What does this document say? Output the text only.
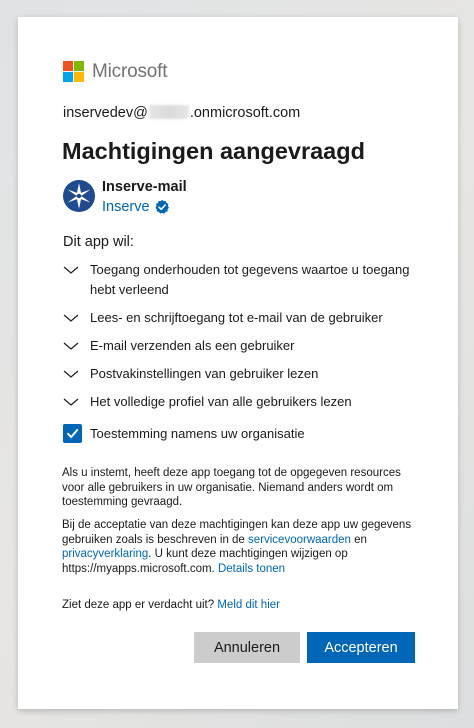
Microsoft
inservedev@	.onmicrosoft.com
Machtigingen aangevraagd
Inserve-mail
Inserve
Dit app wil:
Toegang onderhouden tot gegevens waartoe u toegang hebt verleend
Lees- en schrijftoegang tot e-mail van de gebruiker
E-mail verzenden als een gebruiker
Postvakinstellingen van gebruiker lezen
Het volledige profiel van alle gebruikers lezen
Toestemming namens uw organisatie
Als u instemt, heeft deze app toegang tot de opgegeven resources voor alle gebruikers in uw organisatie. Niemand anders wordt om toestemming gevraagd.
Bij de acceptatie van deze machtigingen kan deze app uw gegevens gebruiken zoals is beschreven in de servicevoorwaarden en privacyverklaring. U kunt deze machtigingen wijzigen op https://myapps.microsoft.com. Details tonen
Ziet deze app er verdacht uit? Meld dit hier
Annuleren	Accepteren
